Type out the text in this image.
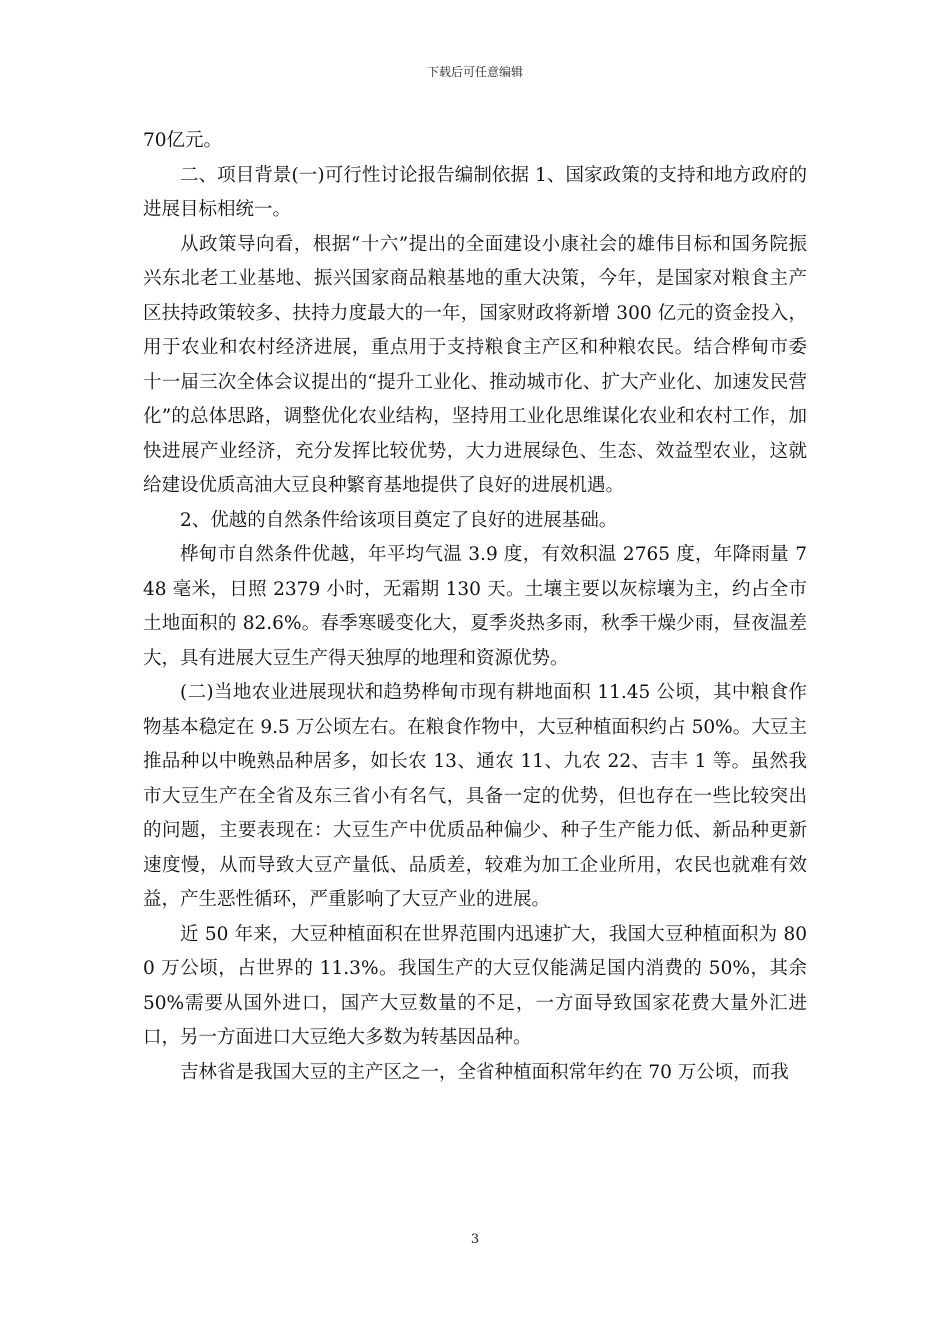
下载后可任意编辑

70亿元。

二、项目背景(一)可行性讨论报告编制依据 1、国家政策的支持和地方政府的进展目标相统一。

从政策导向看，根据“十六”提出的全面建设小康社会的雄伟目标和国务院振兴东北老工业基地、振兴国家商品粮基地的重大决策，今年，是国家对粮食主产区扶持政策较多、扶持力度最大的一年，国家财政将新增 300 亿元的资金投入，用于农业和农村经济进展，重点用于支持粮食主产区和种粮农民。结合桦甸市委十一届三次全体会议提出的“提升工业化、推动城市化、扩大产业化、加速发民营化”的总体思路，调整优化农业结构，坚持用工业化思维谋化农业和农村工作，加快进展产业经济，充分发挥比较优势，大力进展绿色、生态、效益型农业，这就给建设优质高油大豆良种繁育基地提供了良好的进展机遇。

2、优越的自然条件给该项目奠定了良好的进展基础。

桦甸市自然条件优越，年平均气温 3.9 度，有效积温 2765 度，年降雨量 748 毫米，日照 2379 小时，无霜期 130 天。土壤主要以灰棕壤为主，约占全市土地面积的 82.6%。春季寒暖变化大，夏季炎热多雨，秋季干燥少雨，昼夜温差大，具有进展大豆生产得天独厚的地理和资源优势。

(二)当地农业进展现状和趋势桦甸市现有耕地面积 11.45 公顷，其中粮食作物基本稳定在 9.5 万公顷左右。在粮食作物中，大豆种植面积约占 50%。大豆主推品种以中晚熟品种居多，如长农 13、通农 11、九农 22、吉丰 1 等。虽然我市大豆生产在全省及东三省小有名气，具备一定的优势，但也存在一些比较突出的问题，主要表现在：大豆生产中优质品种偏少、种子生产能力低、新品种更新速度慢，从而导致大豆产量低、品质差，较难为加工企业所用，农民也就难有效益，产生恶性循环，严重影响了大豆产业的进展。

近 50 年来，大豆种植面积在世界范围内迅速扩大，我国大豆种植面积为 800 万公顷，占世界的 11.3%。我国生产的大豆仅能满足国内消费的 50%，其余 50%需要从国外进口，国产大豆数量的不足，一方面导致国家花费大量外汇进口，另一方面进口大豆绝大多数为转基因品种。

吉林省是我国大豆的主产区之一，全省种植面积常年约在 70 万公顷，而我

3
